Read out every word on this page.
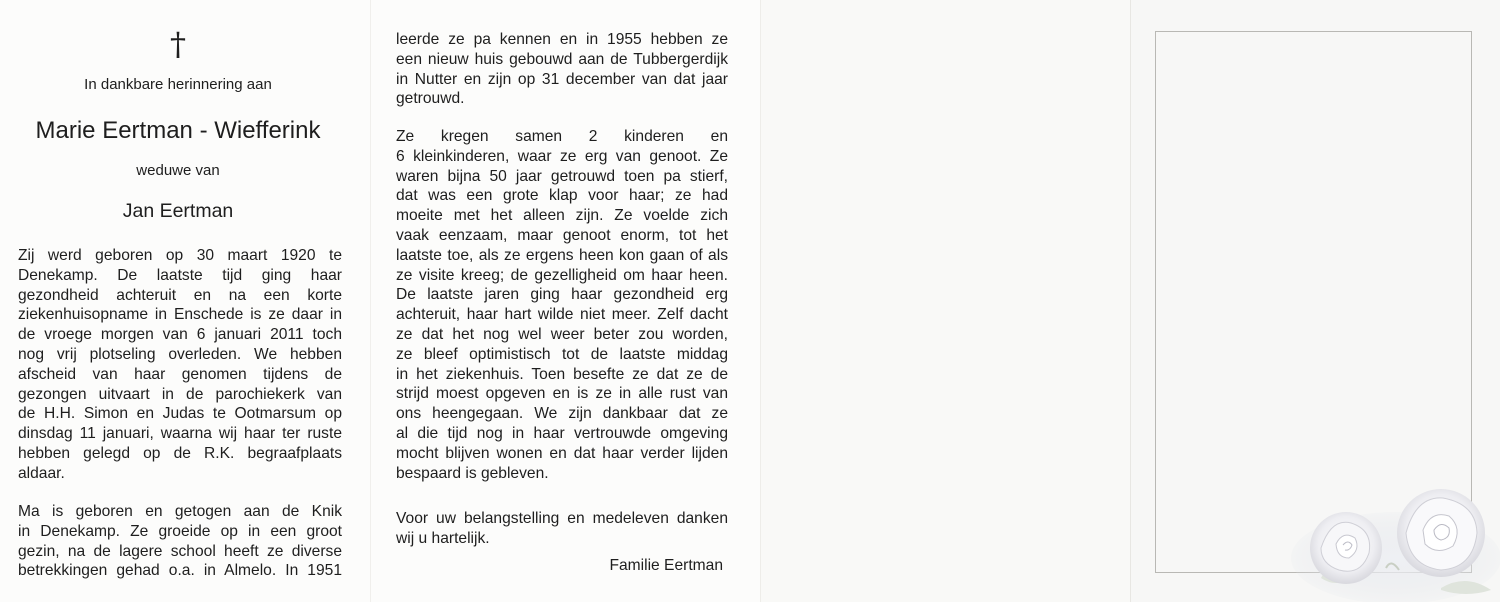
†
In dankbare herinnering aan
Marie Eertman - Wiefferink
weduwe van
Jan Eertman
Zij werd geboren op 30 maart 1920 te
Denekamp. De laatste tijd ging haar
gezondheid achteruit en na een korte
ziekenhuisopname in Enschede is ze daar in
de vroege morgen van 6 januari 2011 toch
nog vrij plotseling overleden. We hebben
afscheid van haar genomen tijdens de
gezongen uitvaart in de parochiekerk van
de H.H. Simon en Judas te Ootmarsum op
dinsdag 11 januari, waarna wij haar ter ruste
hebben gelegd op de R.K. begraafplaats
aldaar.
Ma is geboren en getogen aan de Knik
in Denekamp. Ze groeide op in een groot
gezin, na de lagere school heeft ze diverse
betrekkingen gehad o.a. in Almelo. In 1951
leerde ze pa kennen en in 1955 hebben ze
een nieuw huis gebouwd aan de Tubbergerdijk
in Nutter en zijn op 31 december van dat jaar
getrouwd.
Ze kregen samen 2 kinderen en
6 kleinkinderen, waar ze erg van genoot. Ze
waren bijna 50 jaar getrouwd toen pa stierf,
dat was een grote klap voor haar; ze had
moeite met het alleen zijn. Ze voelde zich
vaak eenzaam, maar genoot enorm, tot het
laatste toe, als ze ergens heen kon gaan of als
ze visite kreeg; de gezelligheid om haar heen.
De laatste jaren ging haar gezondheid erg
achteruit, haar hart wilde niet meer. Zelf dacht
ze dat het nog wel weer beter zou worden,
ze bleef optimistisch tot de laatste middag
in het ziekenhuis. Toen besefte ze dat ze de
strijd moest opgeven en is ze in alle rust van
ons heengegaan. We zijn dankbaar dat ze
al die tijd nog in haar vertrouwde omgeving
mocht blijven wonen en dat haar verder lijden
bespaard is gebleven.
Voor uw belangstelling en medeleven danken
wij u hartelijk.
Familie Eertman
